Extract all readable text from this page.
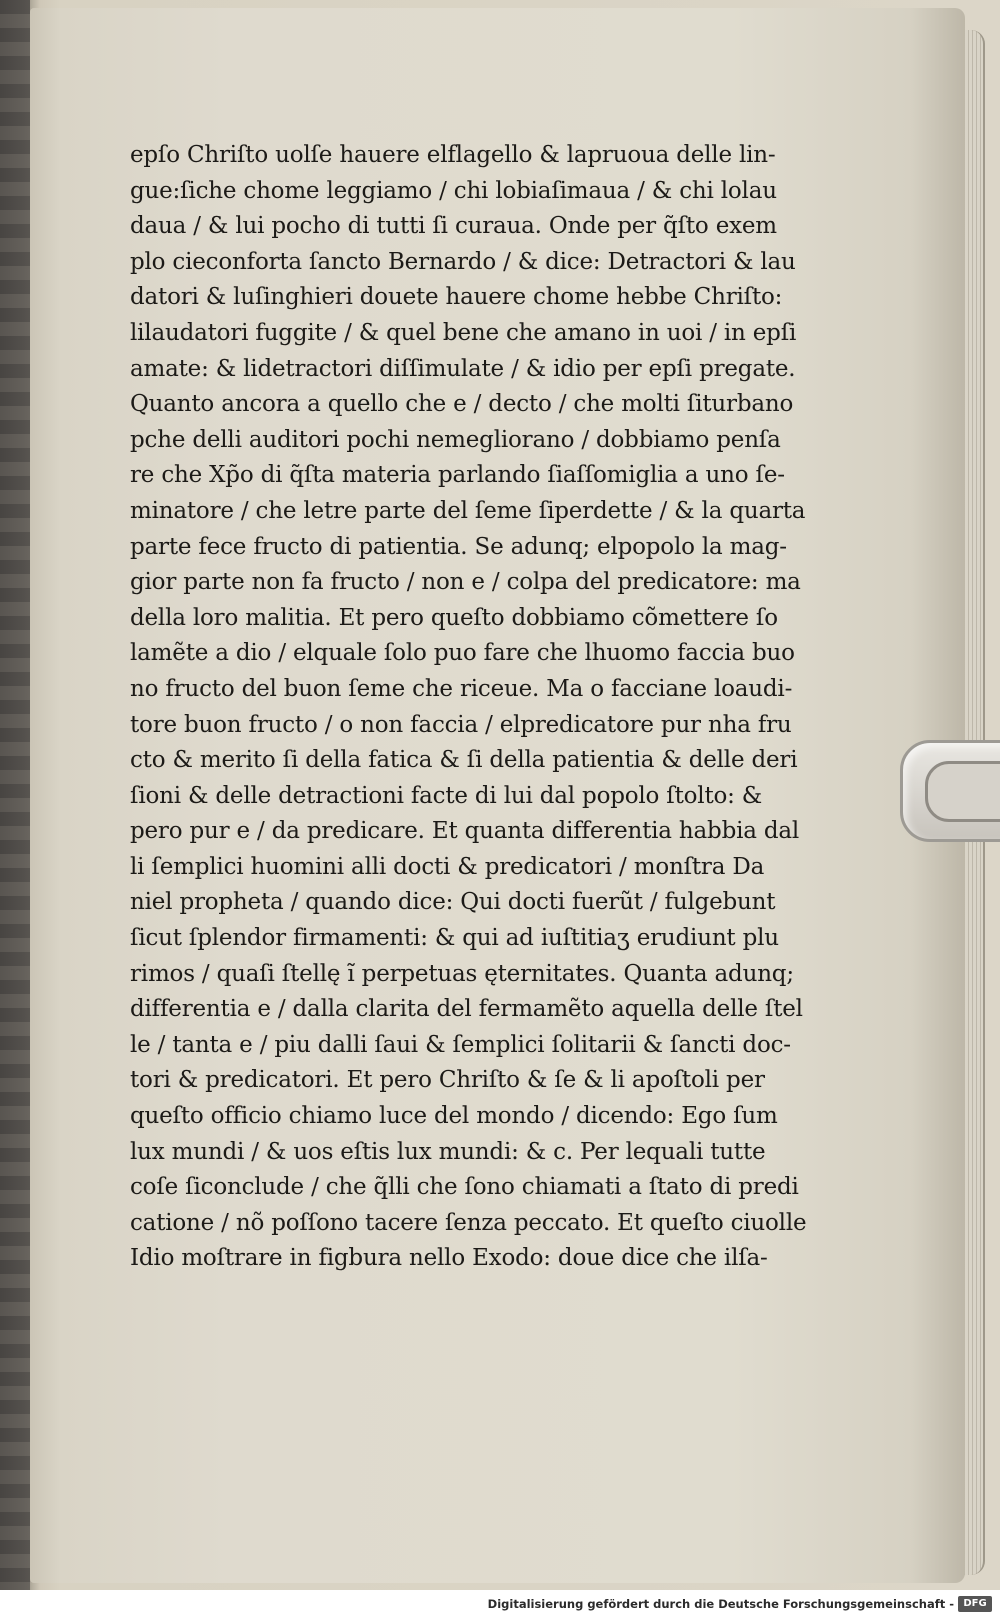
epſo Chriſto uolſe hauere elflagello & lapruoua delle lin-
gue:ſiche chome leggiamo / chi lobiaſimaua / & chi lolau
daua / & lui pocho di tutti ſi curaua. Onde per q̃ſto exem
plo cieconforta ſancto Bernardo / & dice: Detractori & lau
datori & luſinghieri douete hauere chome hebbe Chriſto:
lilaudatori fuggite / & quel bene che amano in uoi / in epſi
amate: & lidetractori diſſimulate / & idio per epſi pregate.
Quanto ancora a quello che e / decto / che molti ſiturbano
pche delli auditori pochi nemegliorano / dobbiamo penſa
re che Xp̃o di q̃ſta materia parlando ſiaſſomiglia a uno ſe-
minatore / che letre parte del ſeme ſiperdette / & la quarta
parte fece fructo di patientia. Se adunq; elpopolo la mag-
gior parte non fa fructo / non e / colpa del predicatore: ma
della loro malitia. Et pero queſto dobbiamo cõmettere ſo
lamẽte a dio / elquale ſolo puo fare che lhuomo faccia buo
no fructo del buon ſeme che riceue. Ma o facciane loaudi-
tore buon fructo / o non faccia / elpredicatore pur nha fru
cto & merito ſi della fatica & ſi della patientia & delle deri
ſioni & delle detractioni facte di lui dal popolo ſtolto: &
pero pur e / da predicare. Et quanta differentia habbia dal
li ſemplici huomini alli docti & predicatori / monſtra Da
niel propheta / quando dice: Qui docti fuerũt / fulgebunt
ſicut ſplendor firmamenti: & qui ad iuſtitiaʒ erudiunt plu
rimos / quaſi ſtellę ĩ perpetuas ęternitates. Quanta adunq;
differentia e / dalla clarita del fermamẽto aquella delle ſtel
le / tanta e / piu dalli ſaui & ſemplici ſolitarii & ſancti doc-
tori & predicatori. Et pero Chriſto & ſe & li apoſtoli per
queſto officio chiamo luce del mondo / dicendo: Ego ſum
lux mundi / & uos eſtis lux mundi: & c. Per lequali tutte
coſe ſiconclude / che q̃lli che ſono chiamati a ſtato di predi
catione / nõ poſſono tacere ſenza peccato. Et queſto ciuolle
Idio moſtrare in figbura nello Exodo: doue dice che ilſa-
Digitalisierung gefördert durch die Deutsche Forschungsgemeinschaft - DFG
